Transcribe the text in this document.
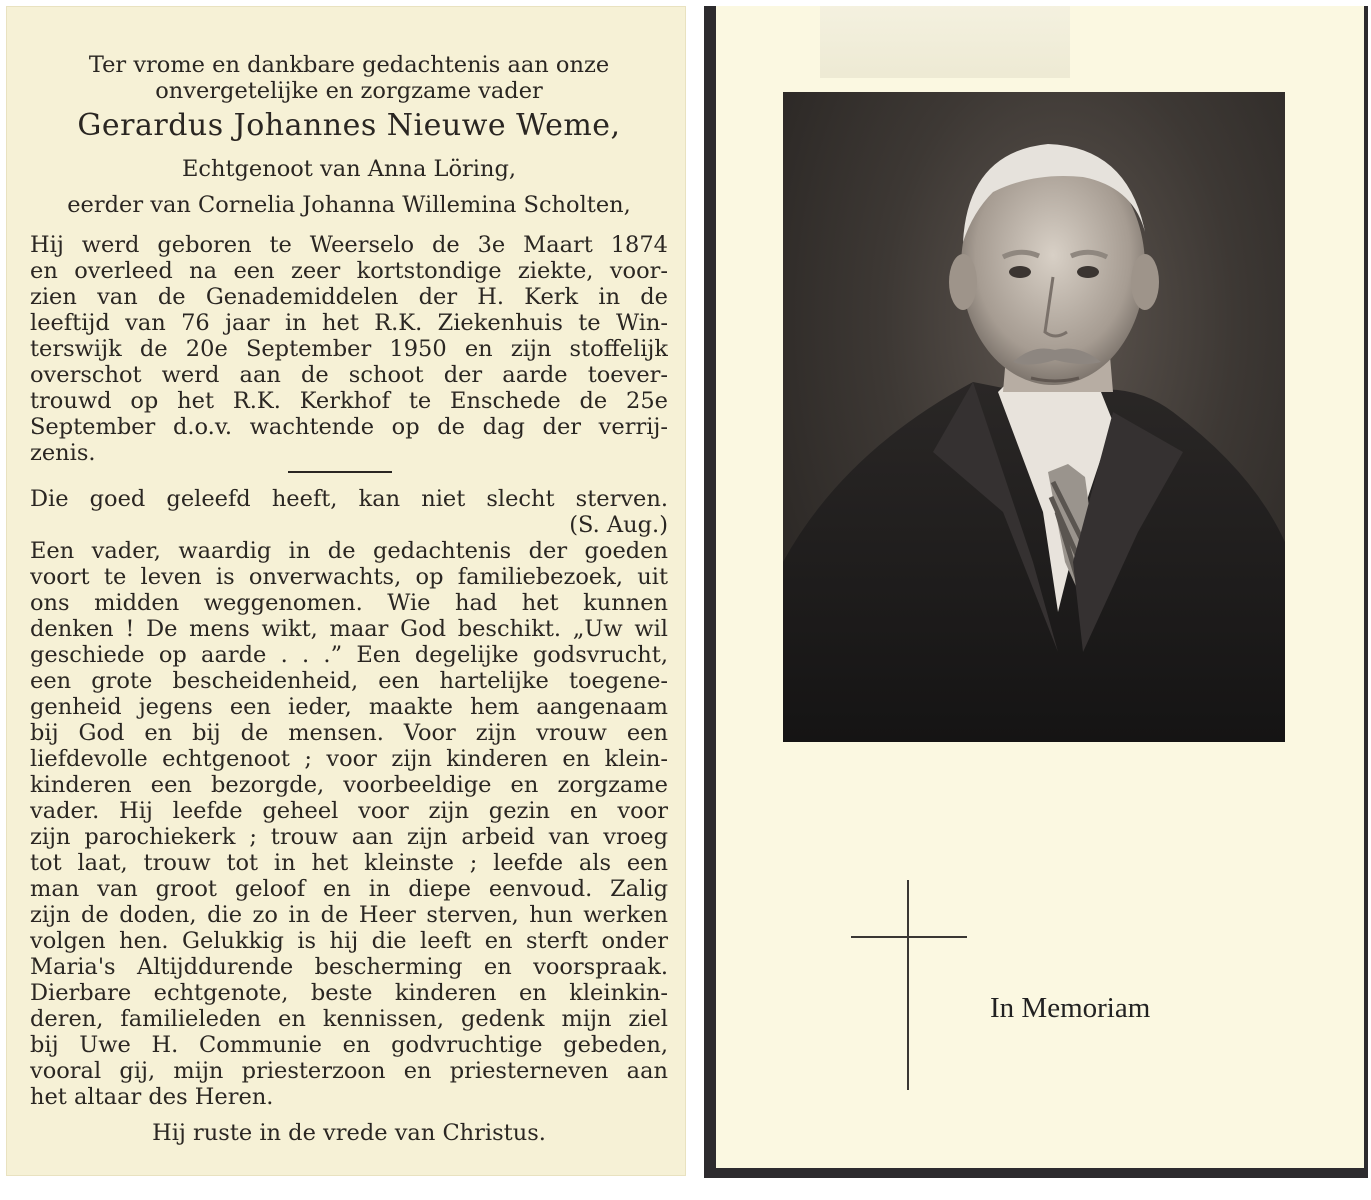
Ter vrome en dankbare gedachtenis aan onze
onvergetelijke en zorgzame vader
Gerardus Johannes Nieuwe Weme,
Echtgenoot van Anna Löring,
eerder van Cornelia Johanna Willemina Scholten,
Hij werd geboren te Weerselo de 3e Maart 1874
en overleed na een zeer kortstondige ziekte, voor-
zien van de Genademiddelen der H. Kerk in de
leeftijd van 76 jaar in het R.K. Ziekenhuis te Win-
terswijk de 20e September 1950 en zijn stoffelijk
overschot werd aan de schoot der aarde toever-
trouwd op het R.K. Kerkhof te Enschede de 25e
September d.o.v. wachtende op de dag der verrij-
zenis.
Die goed geleefd heeft, kan niet slecht sterven.
(S. Aug.)
Een vader, waardig in de gedachtenis der goeden
voort te leven is onverwachts, op familiebezoek, uit
ons midden weggenomen. Wie had het kunnen
denken ! De mens wikt, maar God beschikt. „Uw wil
geschiede op aarde . . .” Een degelijke godsvrucht,
een grote bescheidenheid, een hartelijke toegene-
genheid jegens een ieder, maakte hem aangenaam
bij God en bij de mensen. Voor zijn vrouw een
liefdevolle echtgenoot ; voor zijn kinderen en klein-
kinderen een bezorgde, voorbeeldige en zorgzame
vader. Hij leefde geheel voor zijn gezin en voor
zijn parochiekerk ; trouw aan zijn arbeid van vroeg
tot laat, trouw tot in het kleinste ; leefde als een
man van groot geloof en in diepe eenvoud. Zalig
zijn de doden, die zo in de Heer sterven, hun werken
volgen hen. Gelukkig is hij die leeft en sterft onder
Maria's Altijddurende bescherming en voorspraak.
Dierbare echtgenote, beste kinderen en kleinkin-
deren, familieleden en kennissen, gedenk mijn ziel
bij Uwe H. Communie en godvruchtige gebeden,
vooral gij, mijn priesterzoon en priesterneven aan
het altaar des Heren.
Hij ruste in de vrede van Christus.
In Memoriam
